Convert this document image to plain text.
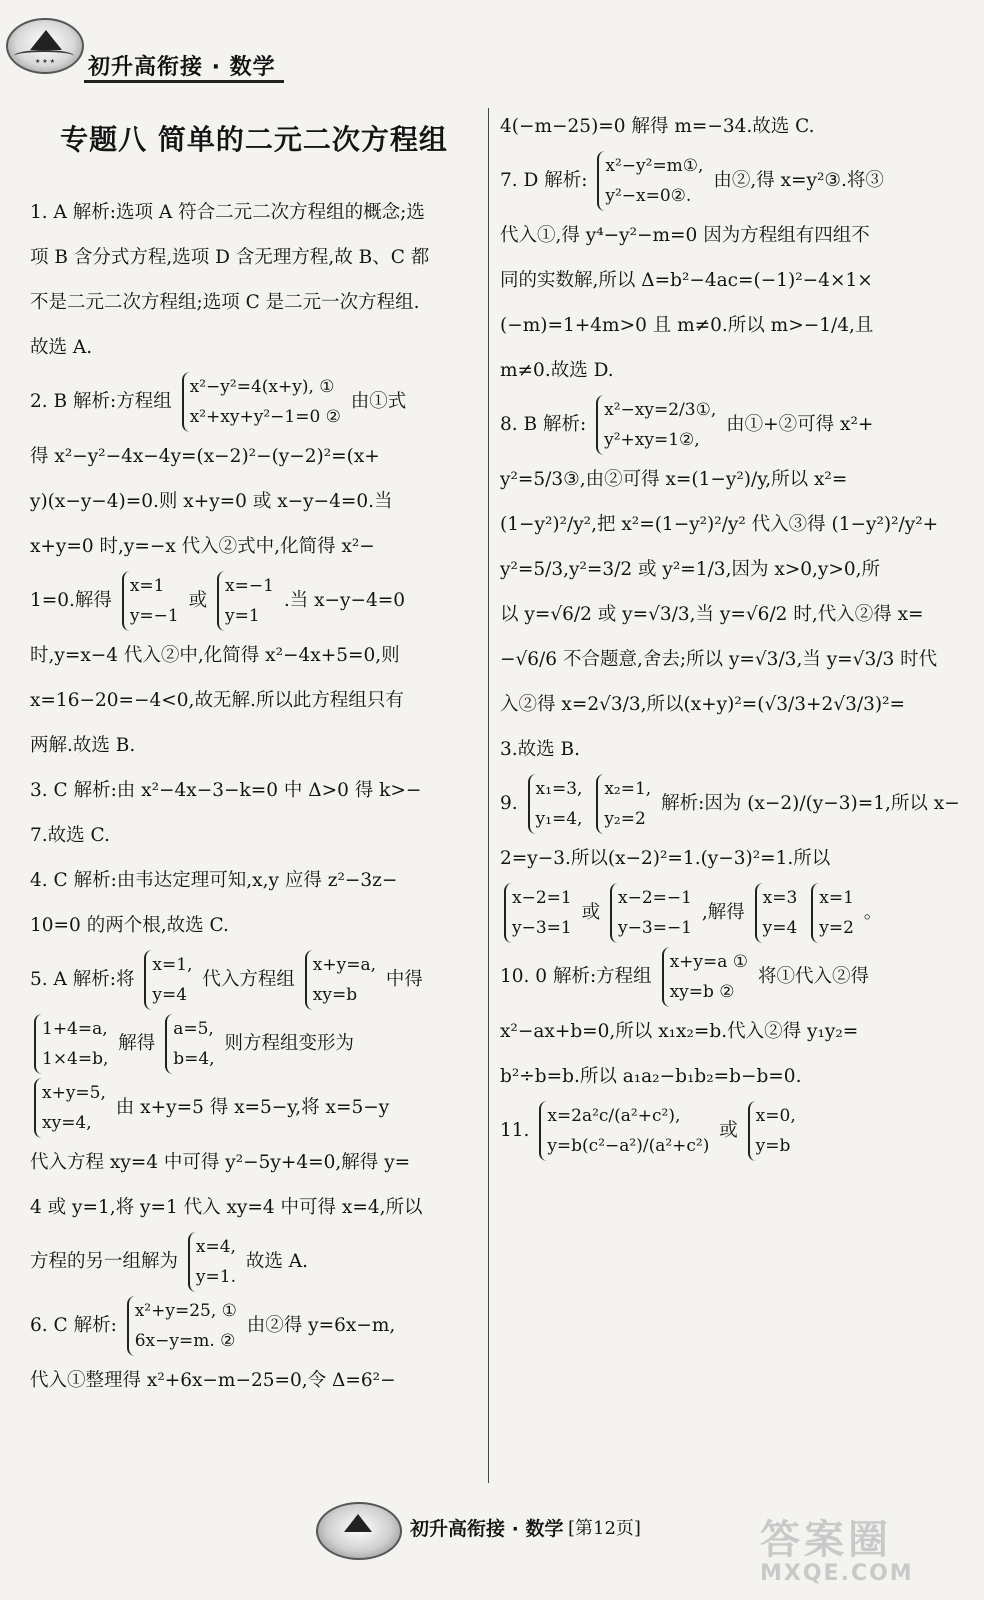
★ ★ ★	初升高衔接 · 数学
专题八 简单的二元二次方程组
1. A 解析:选项 A 符合二元二次方程组的概念;选
项 B 含分式方程,选项 D 含无理方程,故 B、C 都
不是二元二次方程组;选项 C 是二元一次方程组.
故选 A.
2. B 解析:方程组
x²−y²=4(x+y), ①
x²+xy+y²−1=0 ②
由①式
得 x²−y²−4x−4y=(x−2)²−(y−2)²=(x+
y)(x−y−4)=0.则 x+y=0 或 x−y−4=0.当
x+y=0 时,y=−x 代入②式中,化简得 x²−
1=0.解得
x=1
y=−1
或
x=−1
y=1
.当 x−y−4=0
时,y=x−4 代入②中,化简得 x²−4x+5=0,则
x=16−20=−4<0,故无解.所以此方程组只有
两解.故选 B.
3. C 解析:由 x²−4x−3−k=0 中 Δ>0 得 k>−
7.故选 C.
4. C 解析:由韦达定理可知,x,y 应得 z²−3z−
10=0 的两个根,故选 C.
5. A 解析:将
x=1,
y=4
代入方程组
x+y=a,
xy=b
中得
1+4=a,
1×4=b,
解得
a=5,
b=4,
则方程组变形为
x+y=5,
xy=4,
由 x+y=5 得 x=5−y,将 x=5−y
代入方程 xy=4 中可得 y²−5y+4=0,解得 y=
4 或 y=1,将 y=1 代入 xy=4 中可得 x=4,所以
方程的另一组解为
x=4,
y=1.
故选 A.
6. C 解析:
x²+y=25, ①
6x−y=m. ②
由②得 y=6x−m,
代入①整理得 x²+6x−m−25=0,令 Δ=6²−
4(−m−25)=0 解得 m=−34.故选 C.
7. D 解析:
x²−y²=m①,
y²−x=0②.
由②,得 x=y²③.将③
代入①,得 y⁴−y²−m=0 因为方程组有四组不
同的实数解,所以 Δ=b²−4ac=(−1)²−4×1×
(−m)=1+4m>0 且 m≠0.所以 m>−1/4,且
m≠0.故选 D.
8. B 解析:
x²−xy=2/3①,
y²+xy=1②,
由①+②可得 x²+
y²=5/3③,由②可得 x=(1−y²)/y,所以 x²=
(1−y²)²/y²,把 x²=(1−y²)²/y² 代入③得 (1−y²)²/y²+
y²=5/3,y²=3/2 或 y²=1/3,因为 x>0,y>0,所
以 y=√6/2 或 y=√3/3,当 y=√6/2 时,代入②得 x=
−√6/6 不合题意,舍去;所以 y=√3/3,当 y=√3/3 时代
入②得 x=2√3/3,所以(x+y)²=(√3/3+2√3/3)²=
3.故选 B.
9.
x₁=3,
y₁=4,

x₂=1,
y₂=2
解析:因为 (x−2)/(y−3)=1,所以 x−
2=y−3.所以(x−2)²=1.(y−3)²=1.所以
x−2=1
y−3=1
或
x−2=−1
y−3=−1
,解得
x=3
y=4

x=1
y=2
。
10. 0 解析:方程组
x+y=a ①
xy=b ②
将①代入②得
x²−ax+b=0,所以 x₁x₂=b.代入②得 y₁y₂=
b²÷b=b.所以 a₁a₂−b₁b₂=b−b=0.
11.
x=2a²c/(a²+c²),
y=b(c²−a²)/(a²+c²)
或
x=0,
y=b
初升高衔接 · 数学 [第12页]	答案圈
MXQE.COM
